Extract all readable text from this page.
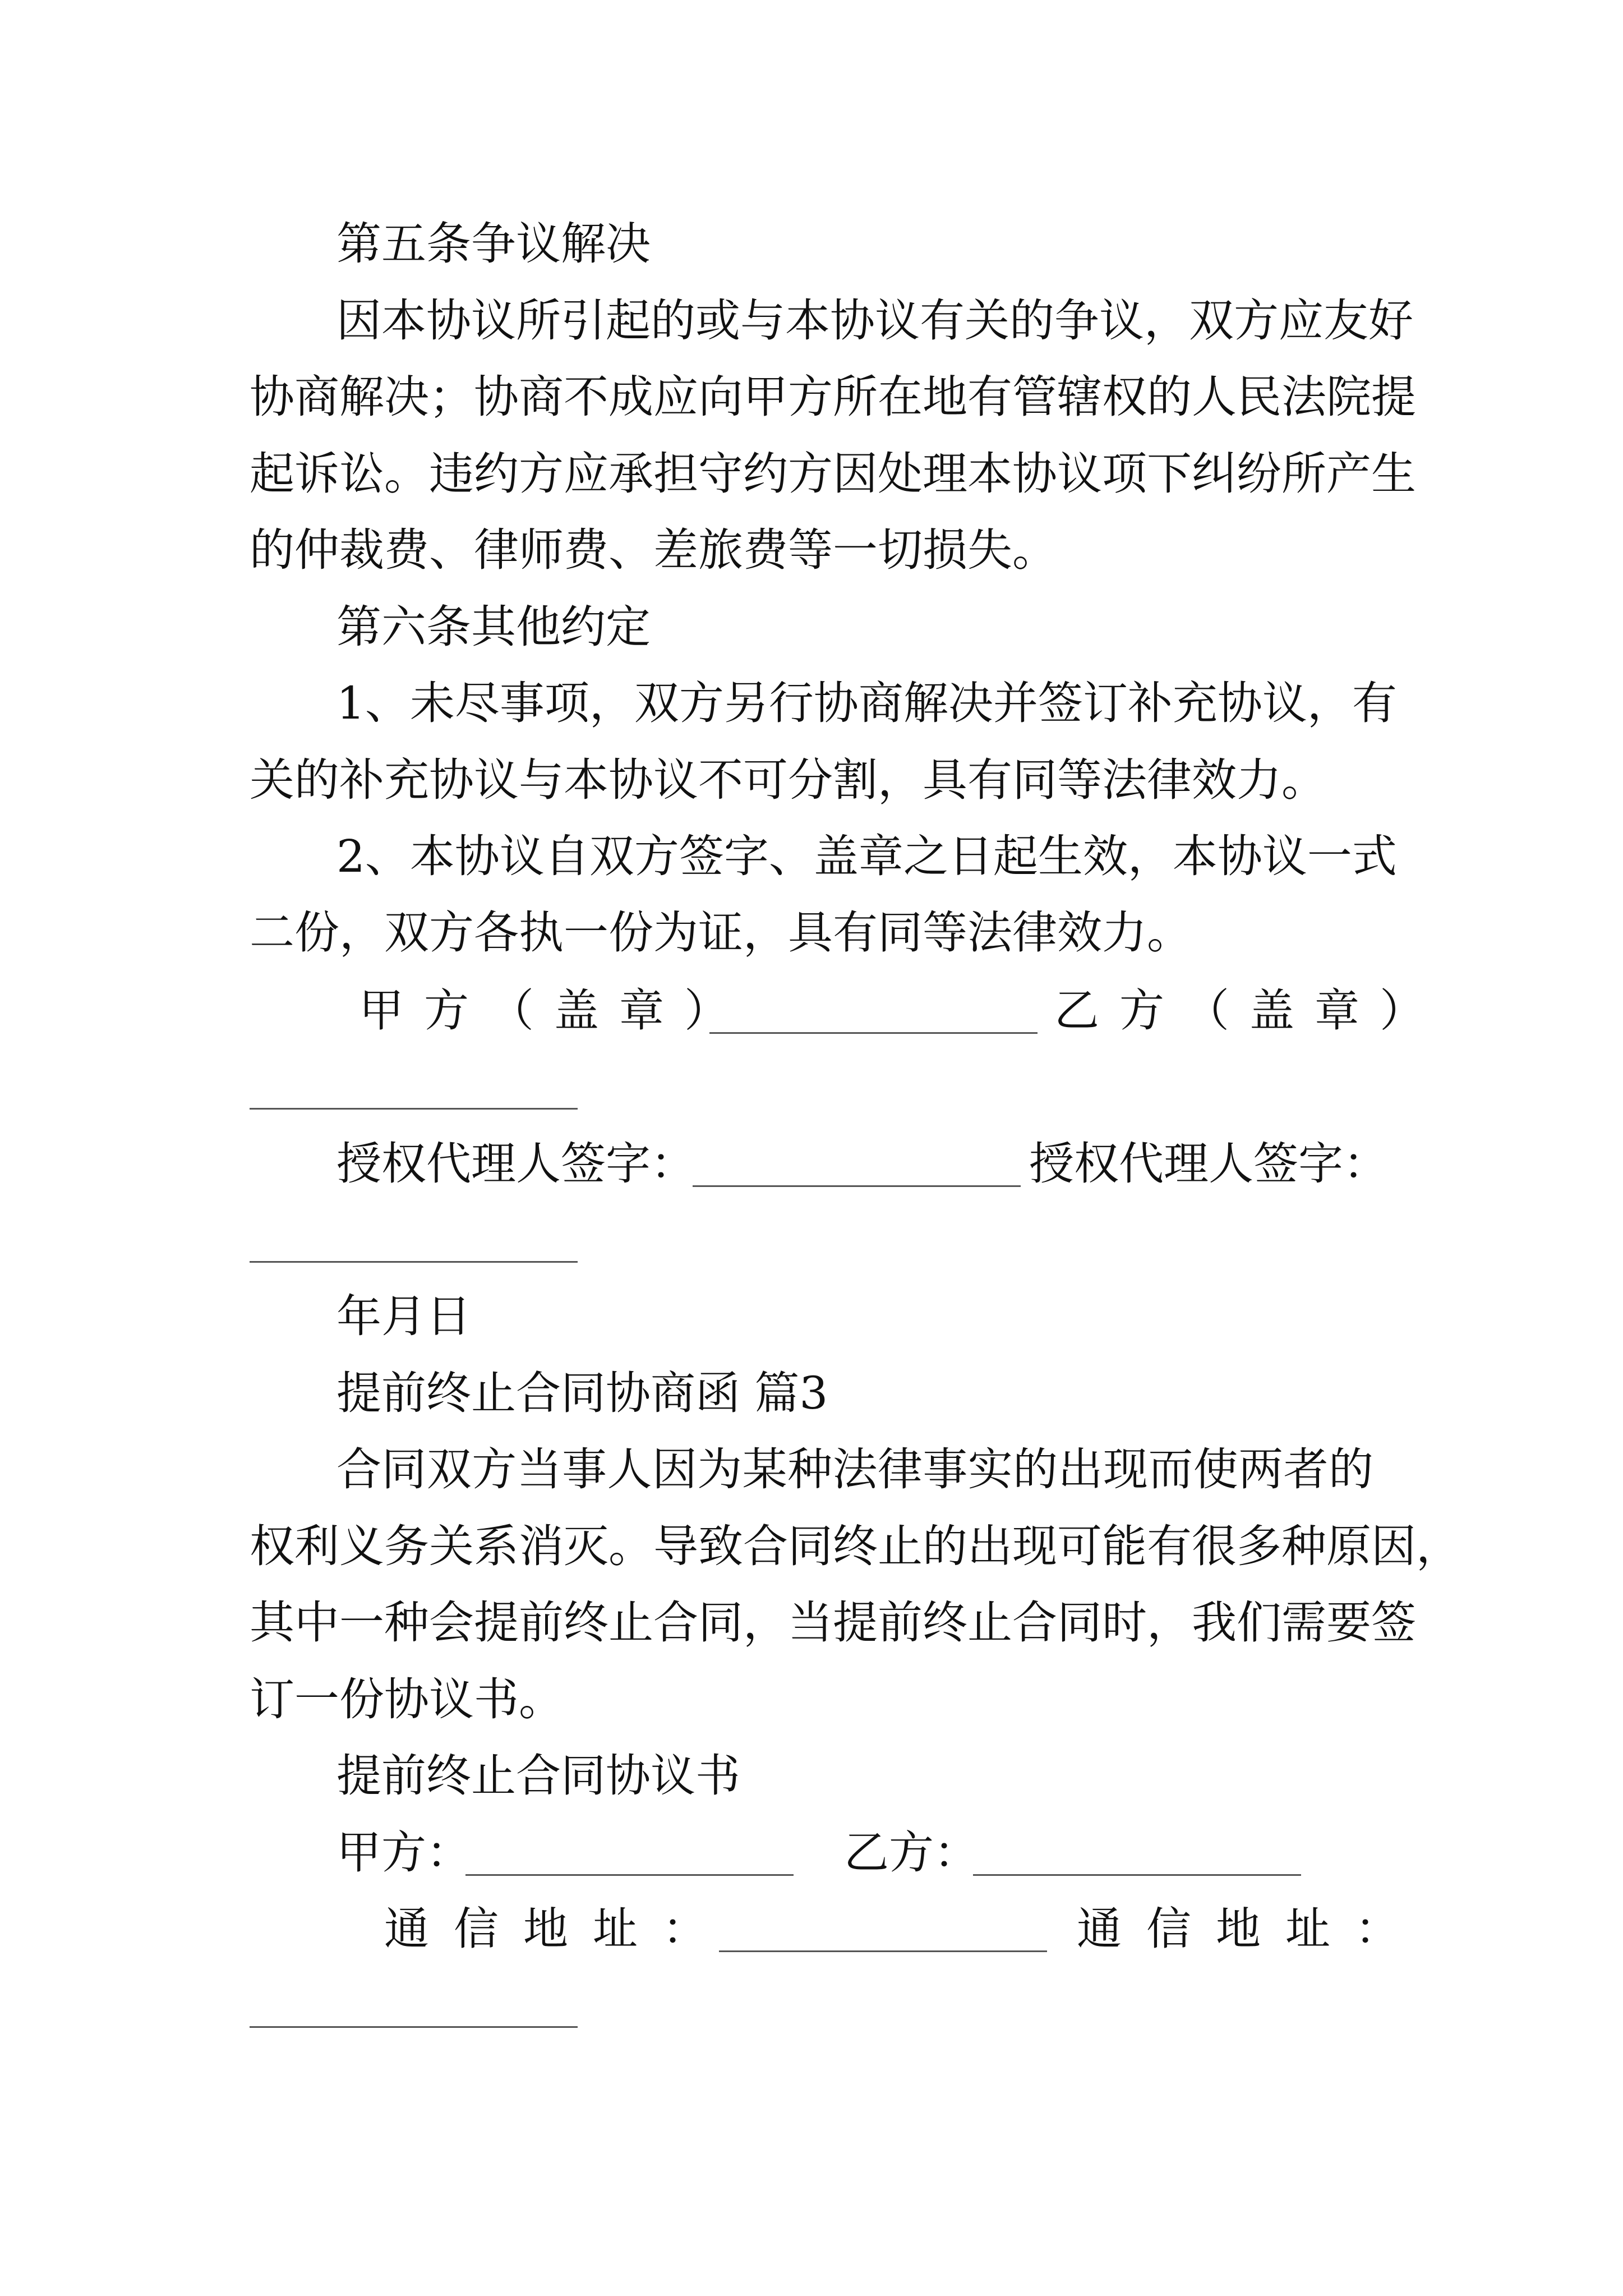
第五条争议解决
因本协议所引起的或与本协议有关的争议，双方应友好
协商解决；协商不成应向甲方所在地有管辖权的人民法院提
起诉讼。违约方应承担守约方因处理本协议项下纠纷所产生
的仲裁费、律师费、差旅费等一切损失。
第六条其他约定
1、未尽事项，双方另行协商解决并签订补充协议，有
关的补充协议与本协议不可分割，具有同等法律效力。
2、本协议自双方签字、盖章之日起生效，本协议一式
二份，双方各执一份为证，具有同等法律效力。
甲方（盖章）	乙方（盖章）
授权代理人签字：	授权代理人签字：
年月日
提前终止合同协商函 篇3
合同双方当事人因为某种法律事实的出现而使两者的
权利义务关系消灭。导致合同终止的出现可能有很多种原因，
其中一种会提前终止合同，当提前终止合同时，我们需要签
订一份协议书。
提前终止合同协议书
甲方：	乙方：
通信地址：	通信地址：
